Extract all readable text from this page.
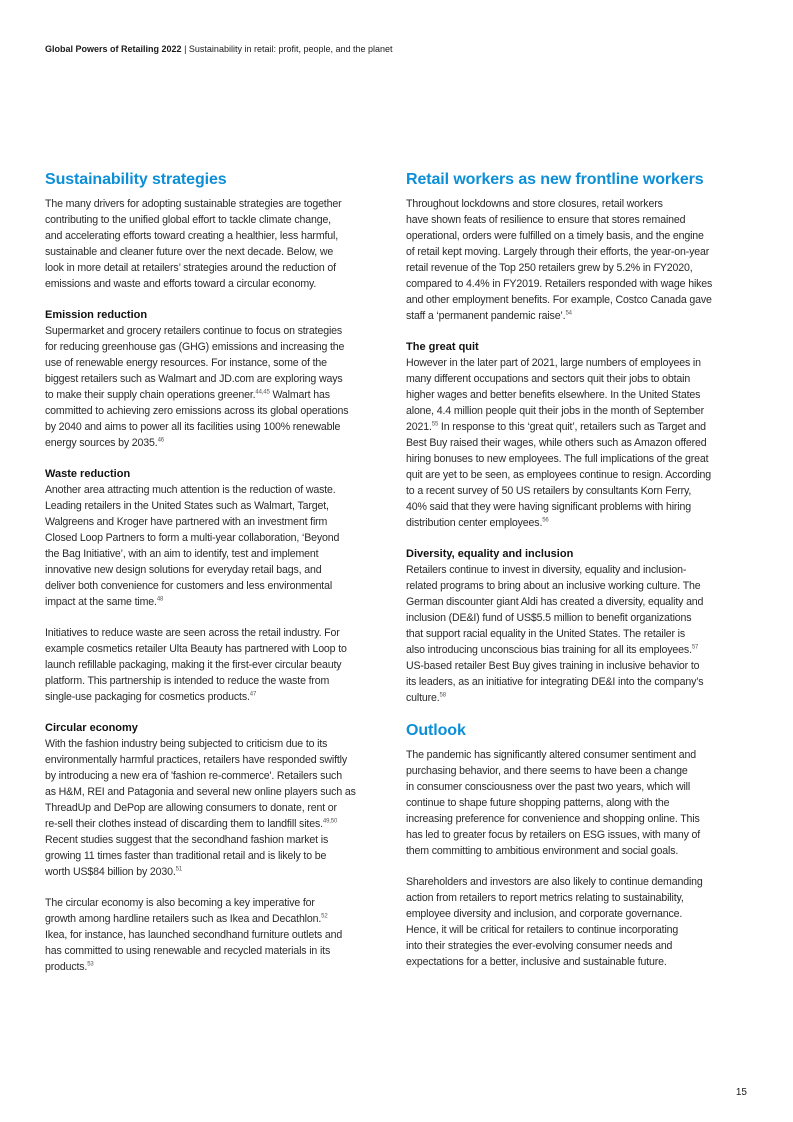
Global Powers of Retailing 2022 | Sustainability in retail: profit, people, and the planet
Sustainability strategies
The many drivers for adopting sustainable strategies are together
contributing to the unified global effort to tackle climate change,
and accelerating efforts toward creating a healthier, less harmful,
sustainable and cleaner future over the next decade. Below, we
look in more detail at retailers’ strategies around the reduction of
emissions and waste and efforts toward a circular economy.
Emission reduction
Supermarket and grocery retailers continue to focus on strategies
for reducing greenhouse gas (GHG) emissions and increasing the
use of renewable energy resources. For instance, some of the
biggest retailers such as Walmart and JD.com are exploring ways
to make their supply chain operations greener.$^{44,45}$ Walmart has
committed to achieving zero emissions across its global operations
by 2040 and aims to power all its facilities using 100% renewable
energy sources by 2035.46
Waste reduction
Another area attracting much attention is the reduction of waste.
Leading retailers in the United States such as Walmart, Target,
Walgreens and Kroger have partnered with an investment firm
Closed Loop Partners to form a multi-year collaboration, ‘Beyond
the Bag Initiative’, with an aim to identify, test and implement
innovative new design solutions for everyday retail bags, and
deliver both convenience for customers and less environmental
impact at the same time.$^{48}$
Initiatives to reduce waste are seen across the retail industry. For
example cosmetics retailer Ulta Beauty has partnered with Loop to
launch refillable packaging, making it the first-ever circular beauty
platform. This partnership is intended to reduce the waste from
single-use packaging for cosmetics products.$^{47}$
Circular economy
With the fashion industry being subjected to criticism due to its
environmentally harmful practices, retailers have responded swiftly
by introducing a new era of 'fashion re-commerce'. Retailers such
as H&M, REI and Patagonia and several new online players such as
ThreadUp and DePop are allowing consumers to donate, rent or
re-sell their clothes instead of discarding them to landfill sites.$^{49,50}$
Recent studies suggest that the secondhand fashion market is
growing 11 times faster than traditional retail and is likely to be
worth US$84 billion by 2030.51
The circular economy is also becoming a key imperative for
growth among hardline retailers such as Ikea and Decathlon.$^{52}$
Ikea, for instance, has launched secondhand furniture outlets and
has committed to using renewable and recycled materials in its
products.$^{53}$
Retail workers as new frontline workers
Throughout lockdowns and store closures, retail workers
have shown feats of resilience to ensure that stores remained
operational, orders were fulfilled on a timely basis, and the engine
of retail kept moving. Largely through their efforts, the year-on-year
retail revenue of the Top 250 retailers grew by 5.2% in FY2020,
compared to 4.4% in FY2019. Retailers responded with wage hikes
and other employment benefits. For example, Costco Canada gave
staff a ‘permanent pandemic raise’.$^{54}$
The great quit
However in the later part of 2021, large numbers of employees in
many different occupations and sectors quit their jobs to obtain
higher wages and better benefits elsewhere. In the United States
alone, 4.4 million people quit their jobs in the month of September
2021.55 In response to this ‘great quit’, retailers such as Target and
Best Buy raised their wages, while others such as Amazon offered
hiring bonuses to new employees. The full implications of the great
quit are yet to be seen, as employees continue to resign. According
to a recent survey of 50 US retailers by consultants Korn Ferry,
40% said that they were having significant problems with hiring
distribution center employees.$^{56}$
Diversity, equality and inclusion
Retailers continue to invest in diversity, equality and inclusion-
related programs to bring about an inclusive working culture. The
German discounter giant Aldi has created a diversity, equality and
inclusion (DE&I) fund of US$5.5 million to benefit organizations
that support racial equality in the United States. The retailer is
also introducing unconscious bias training for all its employees.$^{57}$
US-based retailer Best Buy gives training in inclusive behavior to
its leaders, as an initiative for integrating DE&I into the company’s
culture.$^{58}$
Outlook
The pandemic has significantly altered consumer sentiment and
purchasing behavior, and there seems to have been a change
in consumer consciousness over the past two years, which will
continue to shape future shopping patterns, along with the
increasing preference for convenience and shopping online. This
has led to greater focus by retailers on ESG issues, with many of
them committing to ambitious environment and social goals.
Shareholders and investors are also likely to continue demanding
action from retailers to report metrics relating to sustainability,
employee diversity and inclusion, and corporate governance.
Hence, it will be critical for retailers to continue incorporating
into their strategies the ever-evolving consumer needs and
expectations for a better, inclusive and sustainable future.
15
